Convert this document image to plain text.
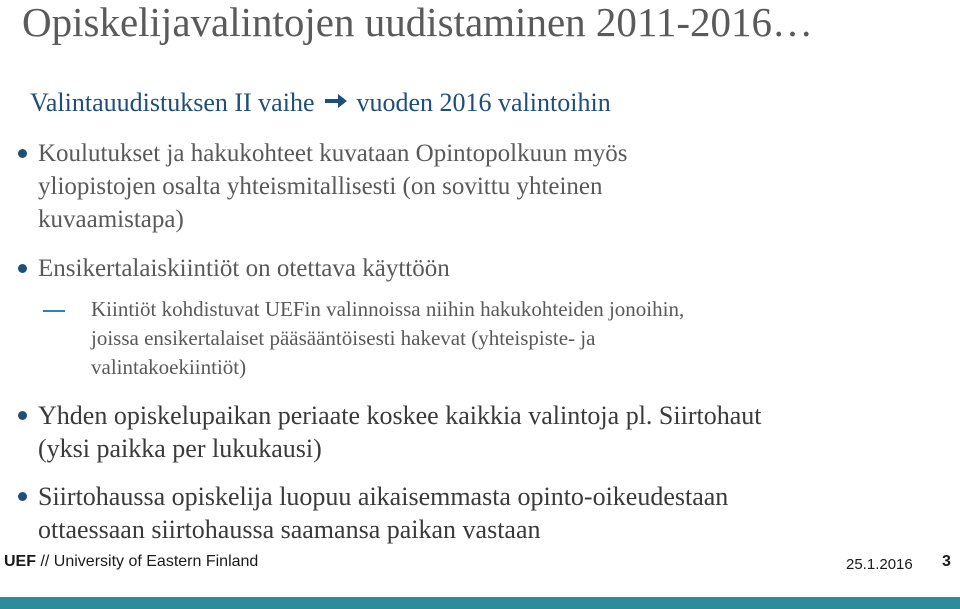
Opiskelijavalintojen uudistaminen 2011-2016…
Valintauudistuksen II vaihe vuoden 2016 valintoihin
Koulutukset ja hakukohteet kuvataan Opintopolkuun myös
yliopistojen osalta yhteismitallisesti (on sovittu yhteinen
kuvaamistapa)
Ensikertalaiskiintiöt on otettava käyttöön
Kiintiöt kohdistuvat UEFin valinnoissa niihin hakukohteiden jonoihin,
joissa ensikertalaiset pääsääntöisesti hakevat (yhteispiste- ja
valintakoekiintiöt)
Yhden opiskelupaikan periaate koskee kaikkia valintoja pl. Siirtohaut
(yksi paikka per lukukausi)
Siirtohaussa opiskelija luopuu aikaisemmasta opinto-oikeudestaan
ottaessaan siirtohaussa saamansa paikan vastaan
UEF // University of Eastern Finland	25.1.2016 3
